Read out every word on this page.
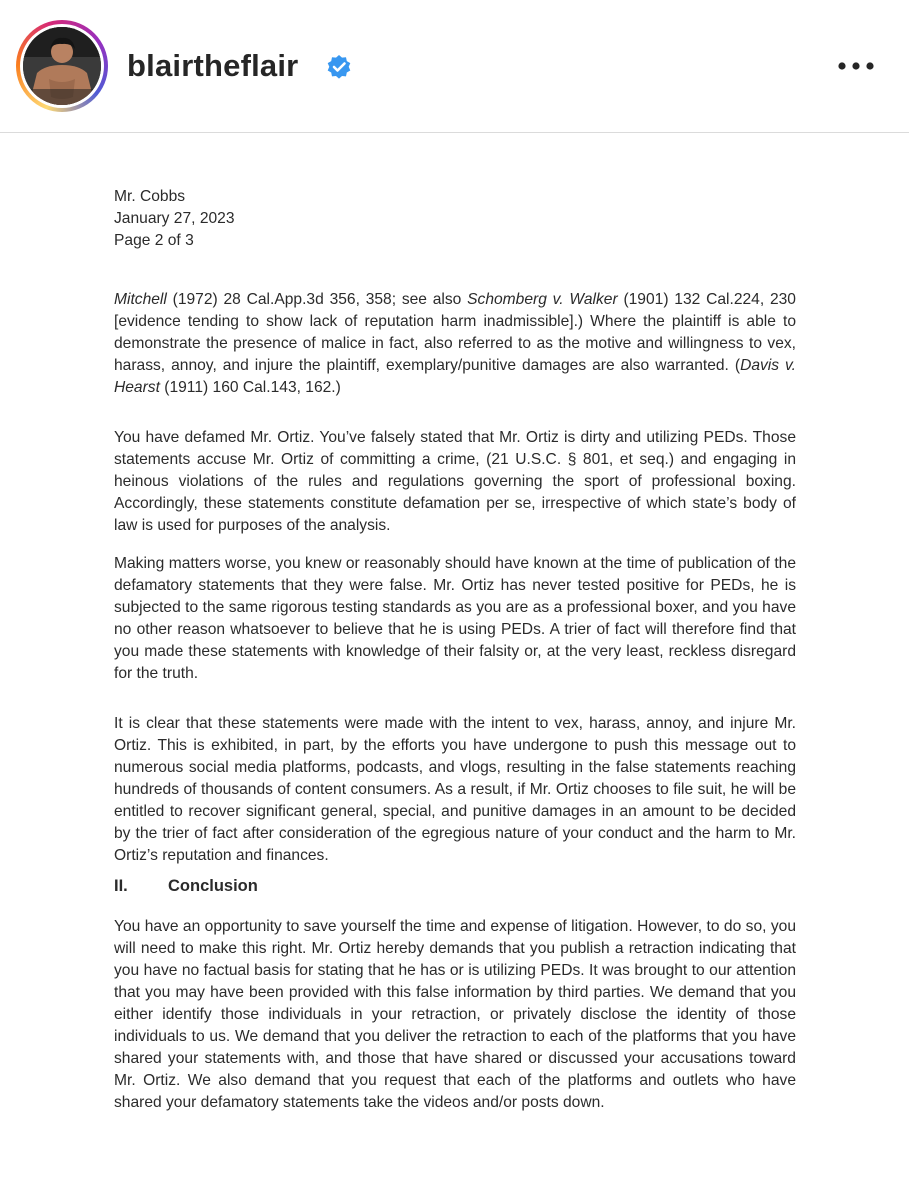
blairtheflair
Mr. Cobbs
January 27, 2023
Page 2 of 3
Mitchell (1972) 28 Cal.App.3d 356, 358; see also Schomberg v. Walker (1901) 132 Cal.224, 230 [evidence tending to show lack of reputation harm inadmissible].) Where the plaintiff is able to demonstrate the presence of malice in fact, also referred to as the motive and willingness to vex, harass, annoy, and injure the plaintiff, exemplary/punitive damages are also warranted. (Davis v. Hearst (1911) 160 Cal.143, 162.)
You have defamed Mr. Ortiz. You’ve falsely stated that Mr. Ortiz is dirty and utilizing PEDs. Those statements accuse Mr. Ortiz of committing a crime, (21 U.S.C. § 801, et seq.) and engaging in heinous violations of the rules and regulations governing the sport of professional boxing. Accordingly, these statements constitute defamation per se, irrespective of which state’s body of law is used for purposes of the analysis.
Making matters worse, you knew or reasonably should have known at the time of publication of the defamatory statements that they were false. Mr. Ortiz has never tested positive for PEDs, he is subjected to the same rigorous testing standards as you are as a professional boxer, and you have no other reason whatsoever to believe that he is using PEDs. A trier of fact will therefore find that you made these statements with knowledge of their falsity or, at the very least, reckless disregard for the truth.
It is clear that these statements were made with the intent to vex, harass, annoy, and injure Mr. Ortiz. This is exhibited, in part, by the efforts you have undergone to push this message out to numerous social media platforms, podcasts, and vlogs, resulting in the false statements reaching hundreds of thousands of content consumers. As a result, if Mr. Ortiz chooses to file suit, he will be entitled to recover significant general, special, and punitive damages in an amount to be decided by the trier of fact after consideration of the egregious nature of your conduct and the harm to Mr. Ortiz’s reputation and finances.
II. Conclusion
You have an opportunity to save yourself the time and expense of litigation. However, to do so, you will need to make this right. Mr. Ortiz hereby demands that you publish a retraction indicating that you have no factual basis for stating that he has or is utilizing PEDs. It was brought to our attention that you may have been provided with this false information by third parties. We demand that you either identify those individuals in your retraction, or privately disclose the identity of those individuals to us. We demand that you deliver the retraction to each of the platforms that you have shared your statements with, and those that have shared or discussed your accusations toward Mr. Ortiz. We also demand that you request that each of the platforms and outlets who have shared your defamatory statements take the videos and/or posts down.
